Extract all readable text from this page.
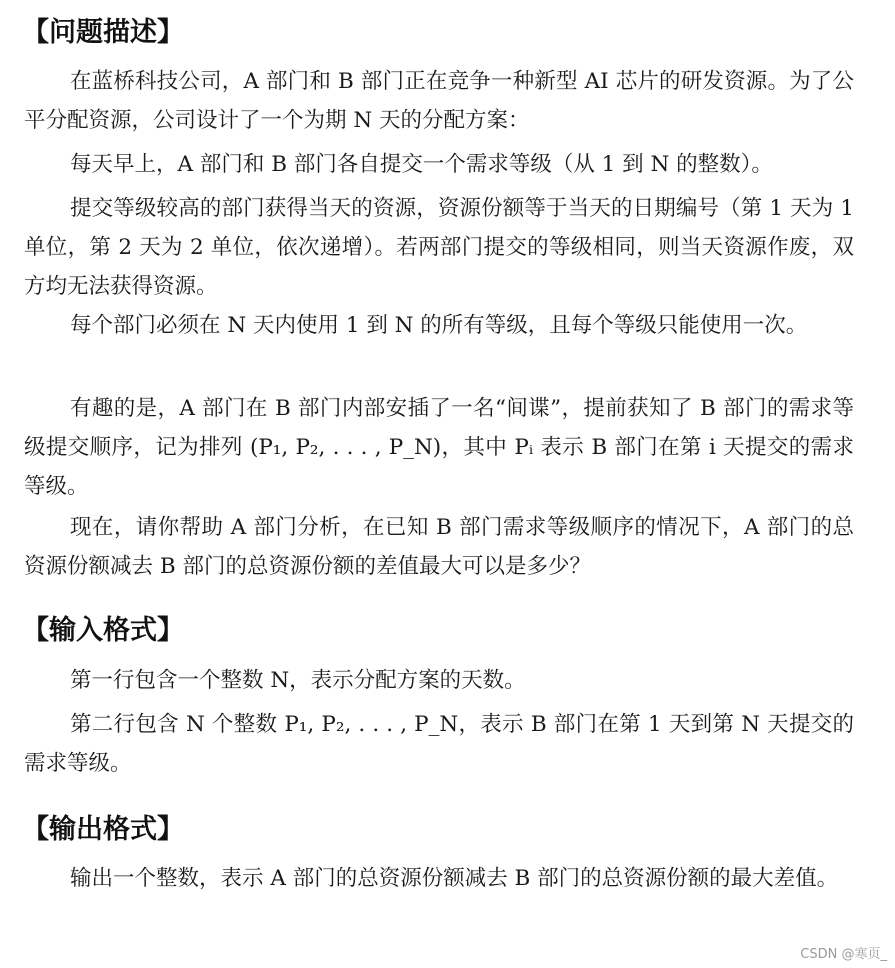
【问题描述】
在蓝桥科技公司，A 部门和 B 部门正在竞争一种新型 AI 芯片的研发资源。为了公平分配资源，公司设计了一个为期 N 天的分配方案：
每天早上，A 部门和 B 部门各自提交一个需求等级（从 1 到 N 的整数）。
提交等级较高的部门获得当天的资源，资源份额等于当天的日期编号（第 1 天为 1 单位，第 2 天为 2 单位，依次递增）。若两部门提交的等级相同，则当天资源作废，双方均无法获得资源。
每个部门必须在 N 天内使用 1 到 N 的所有等级，且每个等级只能使用一次。
有趣的是，A 部门在 B 部门内部安插了一名“间谍”，提前获知了 B 部门的需求等级提交顺序，记为排列 (P₁, P₂, . . . , P_N)，其中 Pᵢ 表示 B 部门在第 i 天提交的需求等级。
现在，请你帮助 A 部门分析，在已知 B 部门需求等级顺序的情况下，A 部门的总资源份额减去 B 部门的总资源份额的差值最大可以是多少？
【输入格式】
第一行包含一个整数 N，表示分配方案的天数。
第二行包含 N 个整数 P₁, P₂, . . . , P_N，表示 B 部门在第 1 天到第 N 天提交的需求等级。
【输出格式】
输出一个整数，表示 A 部门的总资源份额减去 B 部门的总资源份额的最大差值。
CSDN @寒页_
